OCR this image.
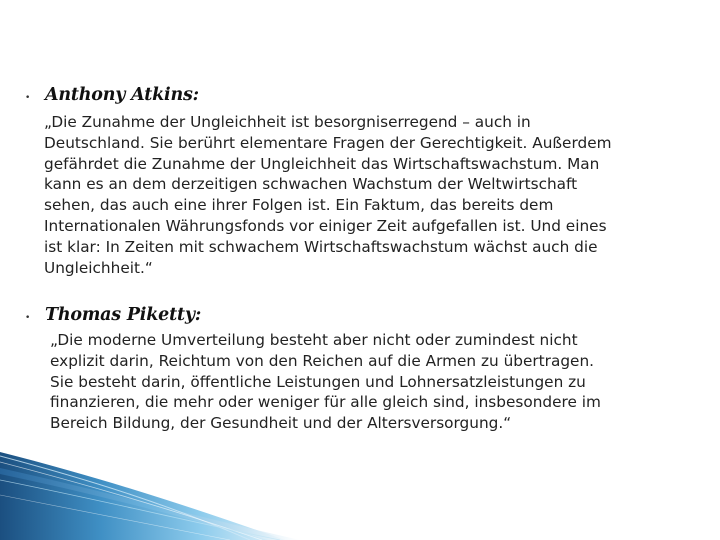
• Anthony Atkins:
„Die Zunahme der Ungleichheit ist besorgniserregend – auch in
Deutschland. Sie berührt elementare Fragen der Gerechtigkeit. Außerdem
gefährdet die Zunahme der Ungleichheit das Wirtschaftswachstum. Man
kann es an dem derzeitigen schwachen Wachstum der Weltwirtschaft
sehen, das auch eine ihrer Folgen ist. Ein Faktum, das bereits dem
Internationalen Währungsfonds vor einiger Zeit aufgefallen ist. Und eines
ist klar: In Zeiten mit schwachem Wirtschaftswachstum wächst auch die
Ungleichheit.“
• Thomas Piketty:
„Die moderne Umverteilung besteht aber nicht oder zumindest nicht
explizit darin, Reichtum von den Reichen auf die Armen zu übertragen.
Sie besteht darin, öffentliche Leistungen und Lohnersatzleistungen zu
finanzieren, die mehr oder weniger für alle gleich sind, insbesondere im
Bereich Bildung, der Gesundheit und der Altersversorgung.“
